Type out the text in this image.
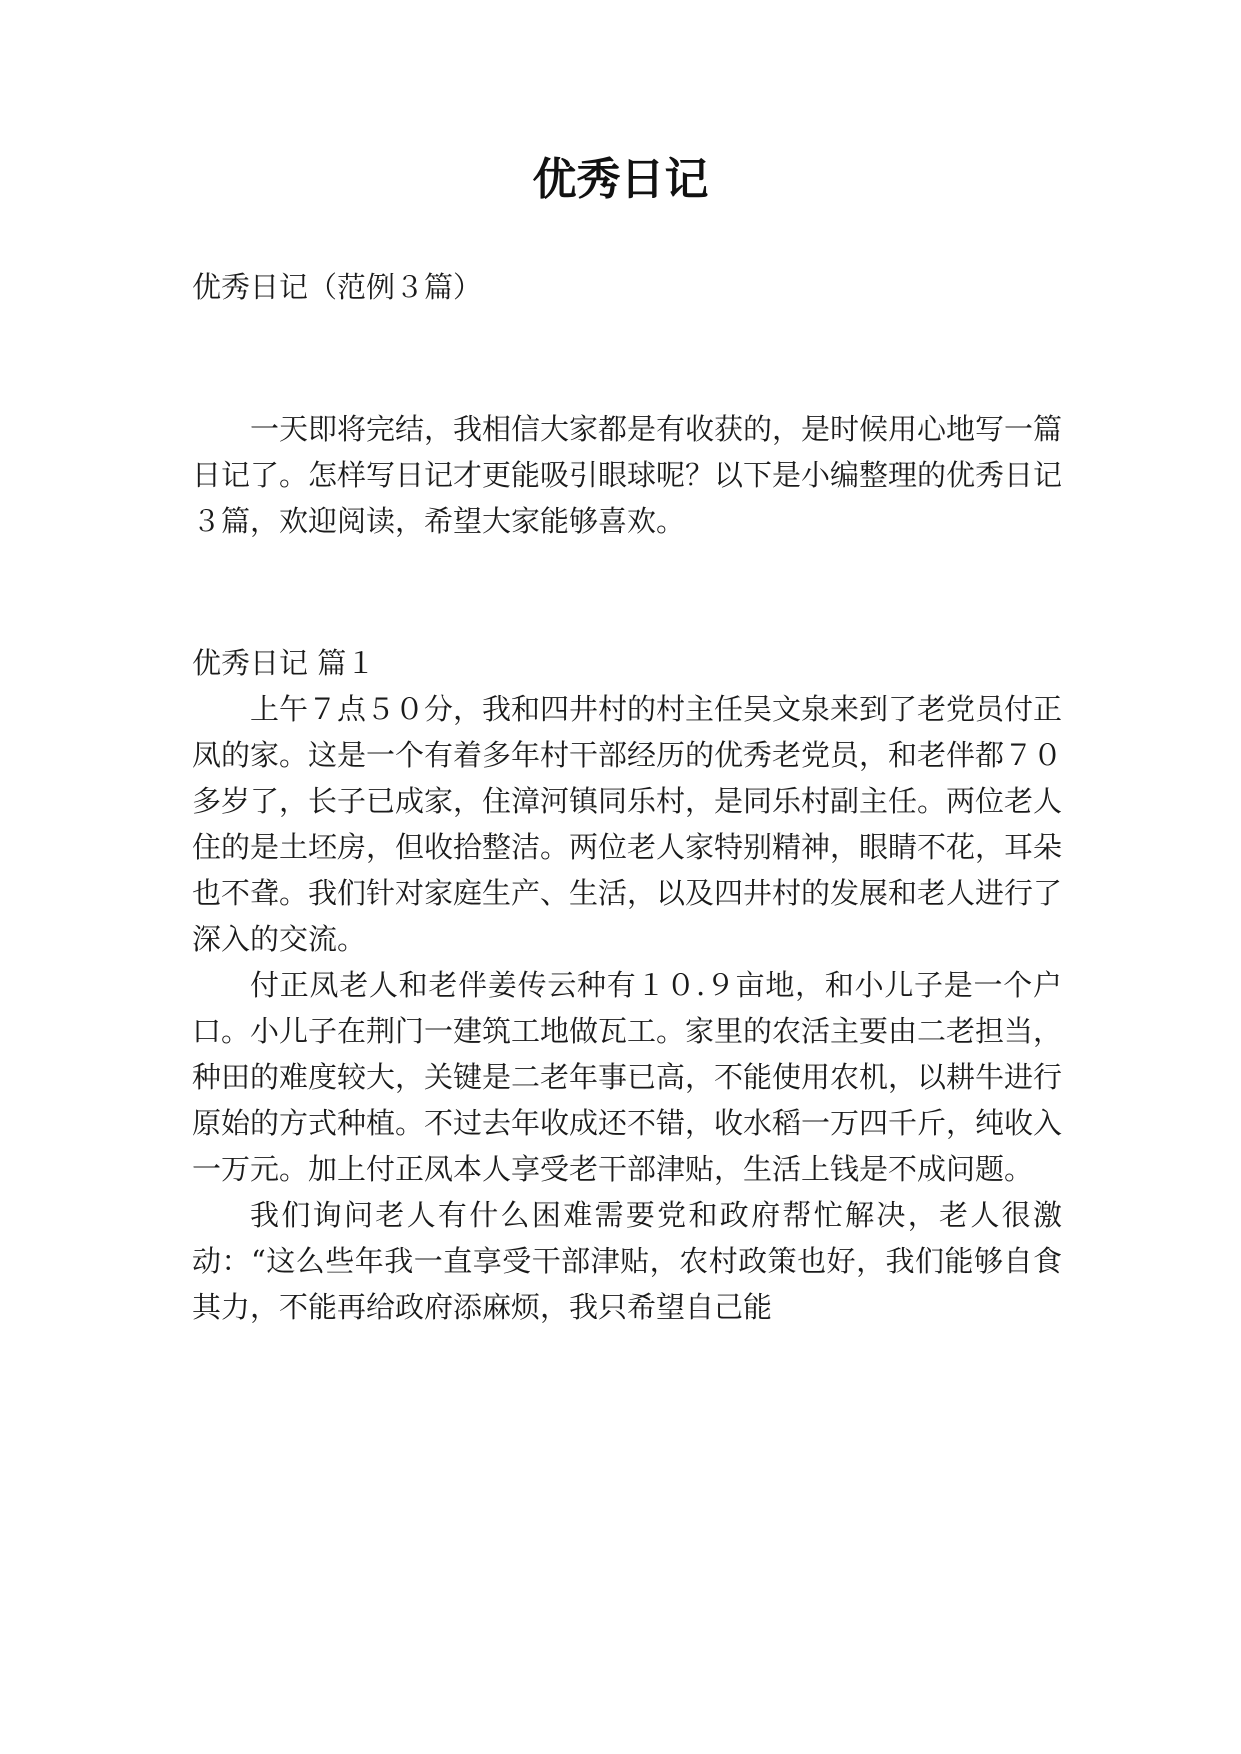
优秀日记

优秀日记（范例３篇）

一天即将完结，我相信大家都是有收获的，是时候用心地写一篇日记了。怎样写日记才更能吸引眼球呢？以下是小编整理的优秀日记３篇，欢迎阅读，希望大家能够喜欢。

优秀日记 篇１

上午７点５０分，我和四井村的村主任吴文泉来到了老党员付正凤的家。这是一个有着多年村干部经历的优秀老党员，和老伴都７０多岁了，长子已成家，住漳河镇同乐村，是同乐村副主任。两位老人住的是土坯房，但收拾整洁。两位老人家特别精神，眼睛不花，耳朵也不聋。我们针对家庭生产、生活，以及四井村的发展和老人进行了深入的交流。

付正凤老人和老伴姜传云种有１０.９亩地，和小儿子是一个户口。小儿子在荆门一建筑工地做瓦工。家里的农活主要由二老担当，种田的难度较大，关键是二老年事已高，不能使用农机，以耕牛进行原始的方式种植。不过去年收成还不错，收水稻一万四千斤，纯收入一万元。加上付正凤本人享受老干部津贴，生活上钱是不成问题。

我们询问老人有什么困难需要党和政府帮忙解决，老人很激动：“这么些年我一直享受干部津贴，农村政策也好，我们能够自食其力，不能再给政府添麻烦，我只希望自己能
